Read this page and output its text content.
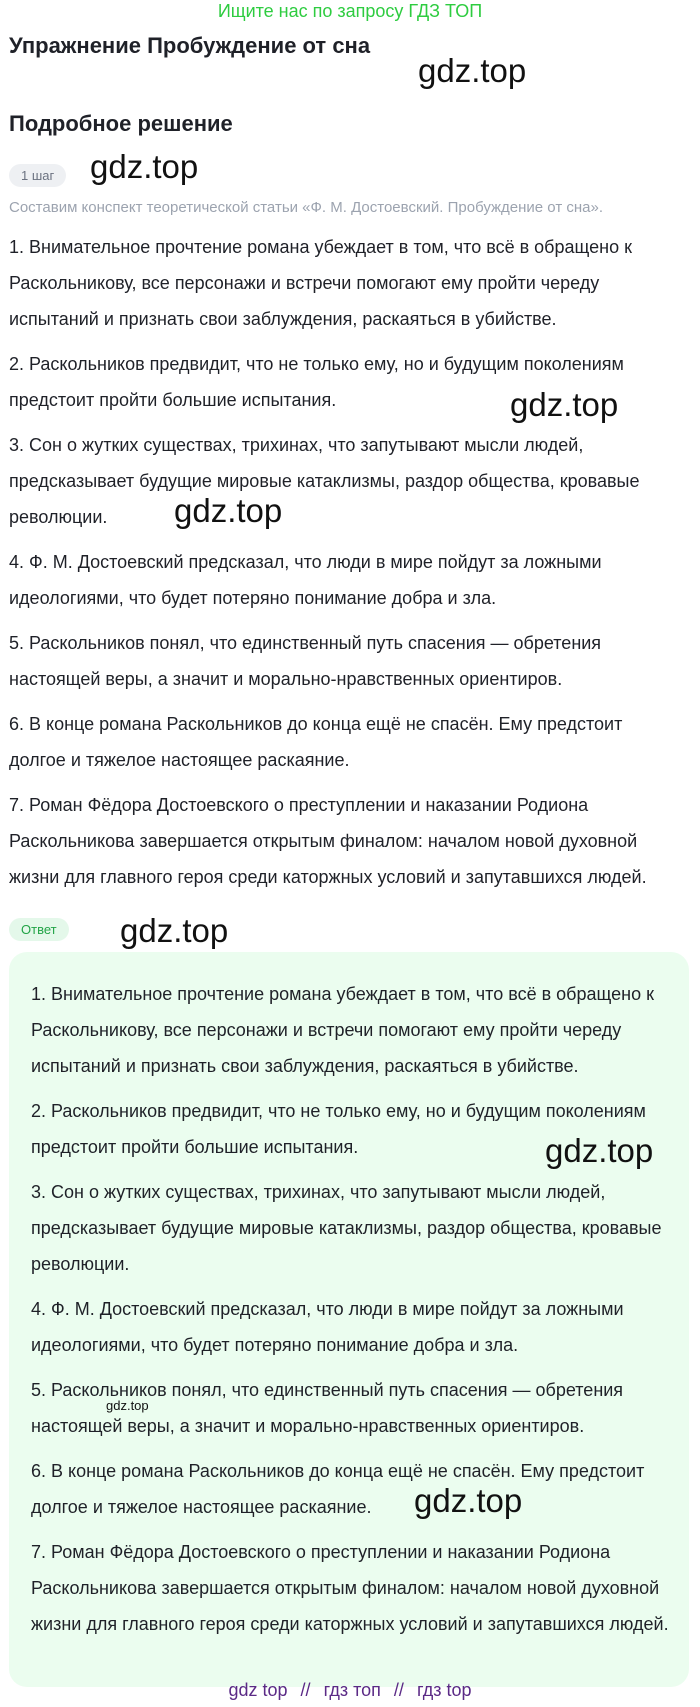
Ищите нас по запросу ГДЗ ТОП
Упражнение Пробуждение от сна
Подробное решение
1 шаг
Составим конспект теоретической статьи «Ф. М. Достоевский. Пробуждение от сна».

1. Внимательное прочтение романа убеждает в том, что всё в обращено к Раскольникову, все персонажи и встречи помогают ему пройти череду испытаний и признать свои заблуждения, раскаяться в убийстве.

2. Раскольников предвидит, что не только ему, но и будущим поколениям предстоит пройти большие испытания.

3. Сон о жутких существах, трихинах, что запутывают мысли людей, предсказывает будущие мировые катаклизмы, раздор общества, кровавые революции.

4. Ф. М. Достоевский предсказал, что люди в мире пойдут за ложными идеологиями, что будет потеряно понимание добра и зла.

5. Раскольников понял, что единственный путь спасения — обретения настоящей веры, а значит и морально-нравственных ориентиров.

6. В конце романа Раскольников до конца ещё не спасён. Ему предстоит долгое и тяжелое настоящее раскаяние.

7. Роман Фёдора Достоевского о преступлении и наказании Родиона Раскольникова завершается открытым финалом: началом новой духовной жизни для главного героя среди каторжных условий и запутавшихся людей.

Ответ

1. Внимательное прочтение романа убеждает в том, что всё в обращено к Раскольникову, все персонажи и встречи помогают ему пройти череду испытаний и признать свои заблуждения, раскаяться в убийстве.

2. Раскольников предвидит, что не только ему, но и будущим поколениям предстоит пройти большие испытания.

3. Сон о жутких существах, трихинах, что запутывают мысли людей, предсказывает будущие мировые катаклизмы, раздор общества, кровавые революции.

4. Ф. М. Достоевский предсказал, что люди в мире пойдут за ложными идеологиями, что будет потеряно понимание добра и зла.

5. Раскольников понял, что единственный путь спасения — обретения настоящей веры, а значит и морально-нравственных ориентиров.

6. В конце романа Раскольников до конца ещё не спасён. Ему предстоит долгое и тяжелое настоящее раскаяние.

7. Роман Фёдора Достоевского о преступлении и наказании Родиона Раскольникова завершается открытым финалом: началом новой духовной жизни для главного героя среди каторжных условий и запутавшихся людей.

gdz.top
gdz.top
gdz.top
gdz.top
gdz.top
gdz.top
gdz.top
gdz.top
gdz top // гдз топ // гдз top
